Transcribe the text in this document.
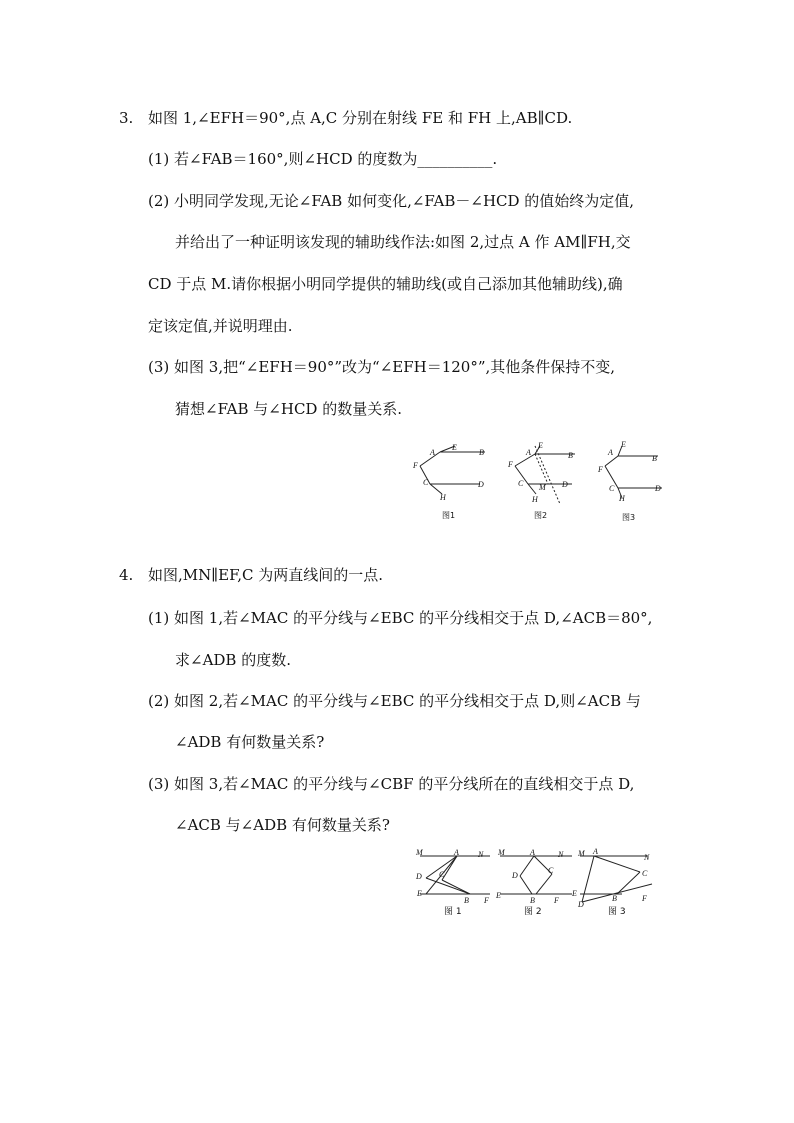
3. 如图 1,∠EFH＝90°,点 A,C 分别在射线 FE 和 FH 上,AB∥CD.
(1) 若∠FAB＝160°,则∠HCD 的度数为__________.
(2) 小明同学发现,无论∠FAB 如何变化,∠FAB－∠HCD 的值始终为定值,
并给出了一种证明该发现的辅助线作法:如图 2,过点 A 作 AM∥FH,交
CD 于点 M.请你根据小明同学提供的辅助线(或自己添加其他辅助线),确
定该定值,并说明理由.
(3) 如图 3,把“∠EFH＝90°”改为“∠EFH＝120°”,其他条件保持不变,
猜想∠FAB 与∠HCD 的数量关系.
A
E
B
F
C	D
H
A
E
B
F
C M D
H
A
E
B
F
C	D
H
图1	图2	图3
4. 如图,MN∥EF,C 为两直线间的一点.
(1) 如图 1,若∠MAC 的平分线与∠EBC 的平分线相交于点 D,∠ACB＝80°,
求∠ADB 的度数.
(2) 如图 2,若∠MAC 的平分线与∠EBC 的平分线相交于点 D,则∠ACB 与
∠ADB 有何数量关系?
(3) 如图 3,若∠MAC 的平分线与∠CBF 的平分线所在的直线相交于点 D,
∠ACB 与∠ADB 有何数量关系?
M	A N
D C
E
B F
M	A	N
D
C
E
B F
M A
N
C
E
D
B	F
图 1	图 2	图 3
